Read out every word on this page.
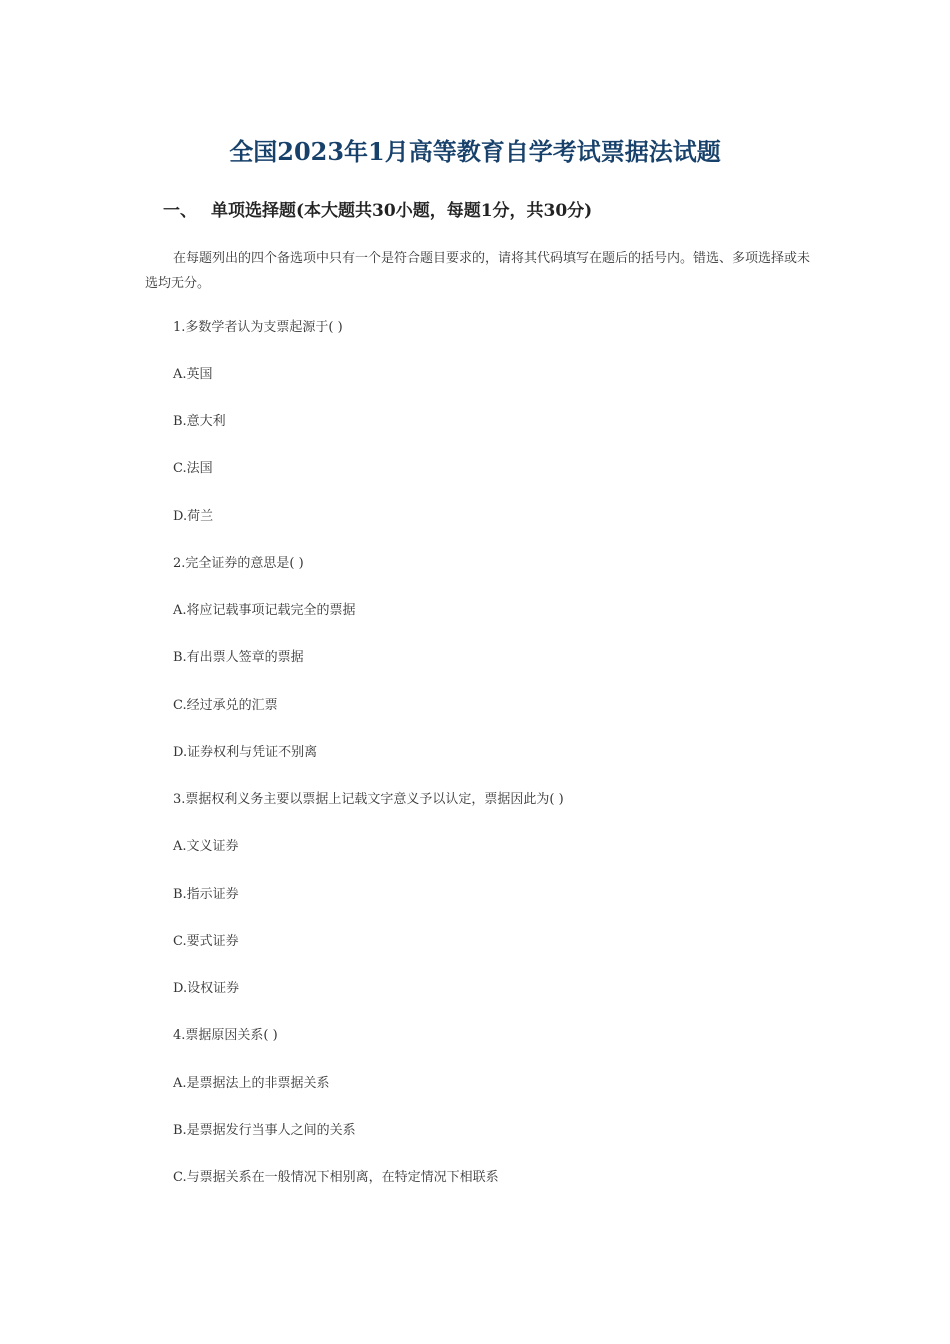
全国2023年1月高等教育自学考试票据法试题
一、 单项选择题(本大题共30小题，每题1分，共30分)

在每题列出的四个备选项中只有一个是符合题目要求的，请将其代码填写在题后的括号内。错选、多项选择或未选均无分。

1.多数学者认为支票起源于( )
A.英国
B.意大利
C.法国
D.荷兰
2.完全证券的意思是( )
A.将应记载事项记载完全的票据
B.有出票人签章的票据
C.经过承兑的汇票
D.证券权利与凭证不别离
3.票据权利义务主要以票据上记载文字意义予以认定，票据因此为( )
A.文义证券
B.指示证券
C.要式证券
D.设权证券
4.票据原因关系( )
A.是票据法上的非票据关系
B.是票据发行当事人之间的关系
C.与票据关系在一般情况下相别离，在特定情况下相联系
